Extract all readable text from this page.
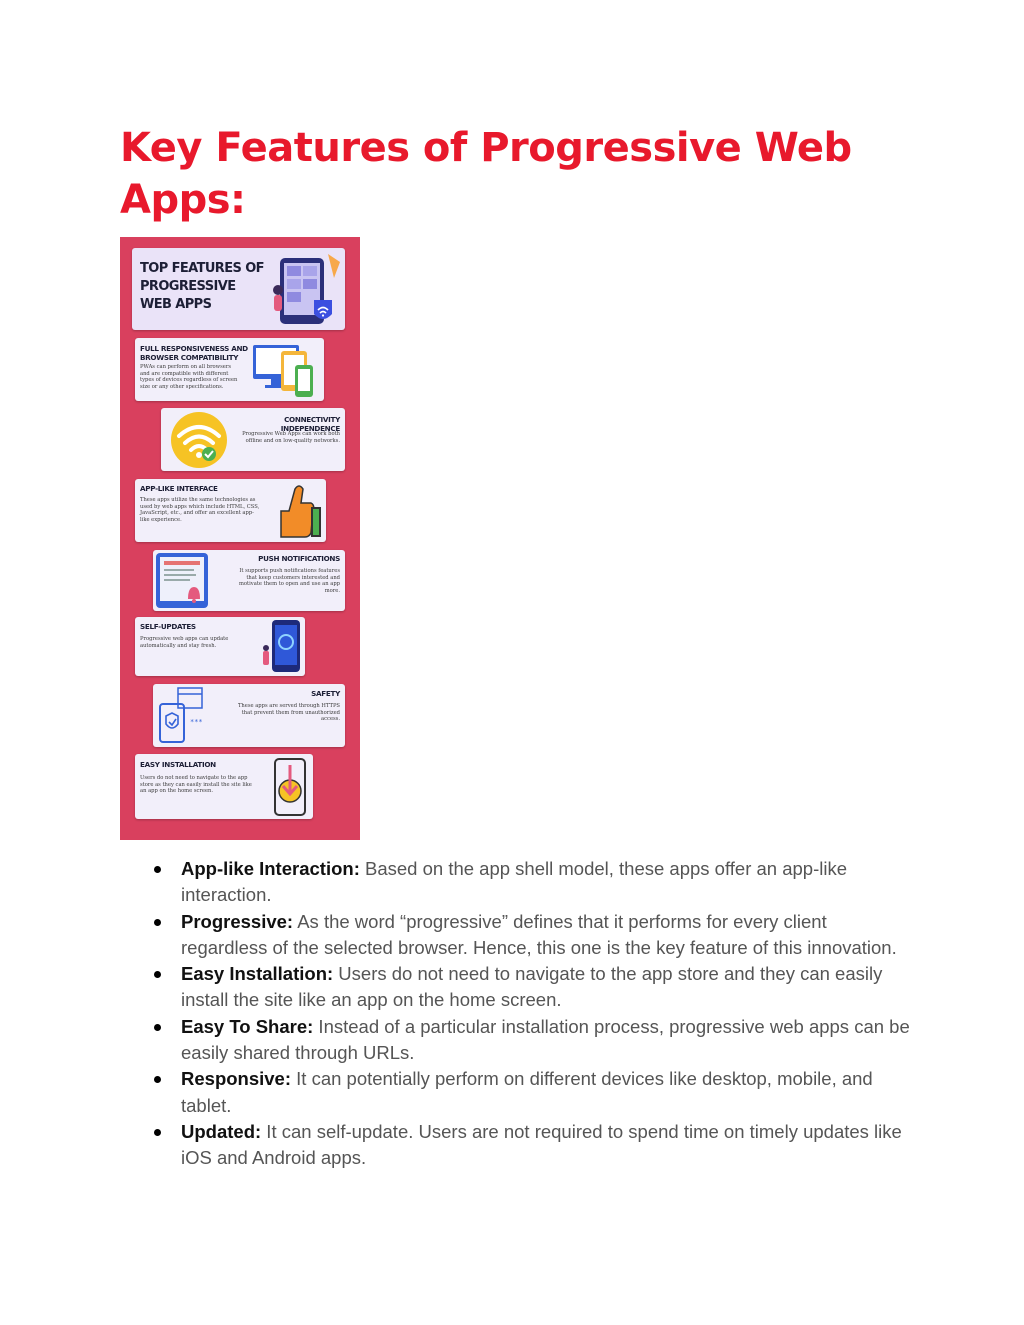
Key Features of Progressive Web Apps:
TOP FEATURES OF PROGRESSIVE WEB APPS
FULL RESPONSIVENESS AND BROWSER COMPATIBILITY
PWAs can perform on all browsers and are compatible with different types of devices regardless of screen size or any other specifications.
CONNECTIVITY INDEPENDENCE
Progressive Web Apps can work both offline and on low-quality networks.
APP-LIKE INTERFACE
These apps utilize the same technologies as used by web apps which include HTML, CSS, JavaScript, etc., and offer an excellent app-like experience.
PUSH NOTIFICATIONS
It supports push notifications features that keep customers interested and motivate them to open and use an app more.
SELF-UPDATES
Progressive web apps can update automatically and stay fresh.
***
SAFETY
These apps are served through HTTPS that prevent them from unauthorized access.
EASY INSTALLATION
Users do not need to navigate to the app store as they can easily install the site like an app on the home screen.
App-like Interaction: Based on the app shell model, these apps offer an app-like interaction.
Progressive: As the word “progressive” defines that it performs for every client regardless of the selected browser. Hence, this one is the key feature of this innovation.
Easy Installation: Users do not need to navigate to the app store and they can easily install the site like an app on the home screen.
Easy To Share: Instead of a particular installation process, progressive web apps can be easily shared through URLs.
Responsive: It can potentially perform on different devices like desktop, mobile, and tablet.
Updated: It can self-update. Users are not required to spend time on timely updates like iOS and Android apps.
